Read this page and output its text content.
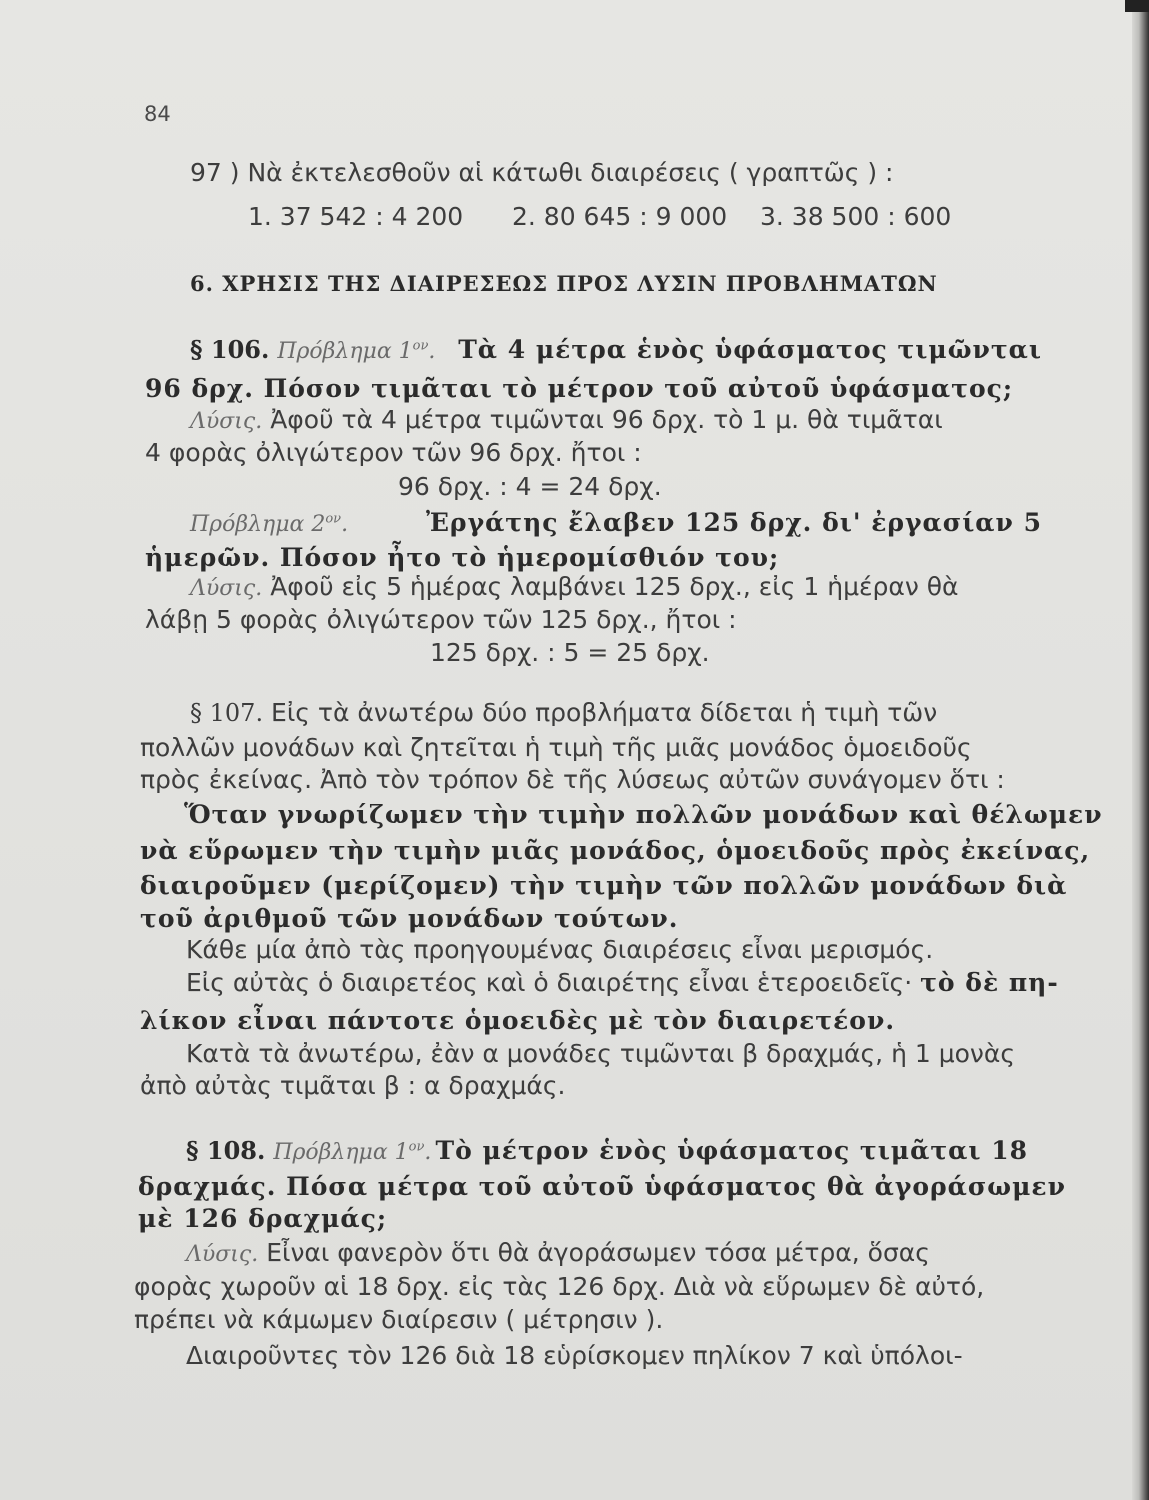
84
97 ) Νὰ ἐκτελεσθοῦν αἱ κάτωθι διαιρέσεις ( γραπτῶς ) :
1. 37 542 : 4 200 2. 80 645 : 9 000 3. 38 500 : 600
6. ΧΡΗΣΙΣ ΤΗΣ ΔΙΑΙΡΕΣΕΩΣ ΠΡΟΣ ΛΥΣΙΝ ΠΡΟΒΛΗΜΑΤΩΝ
§ 106. Πρόβλημα $1^{o\nu}$. Τὰ 4 μέτρα ἑνὸς ὑφάσματος τιμῶνται
96 δρχ. Πόσον τιμᾶται τὸ μέτρον τοῦ αὐτοῦ ὑφάσματος;
Λύσις. Ἀφοῦ τὰ 4 μέτρα τιμῶνται 96 δρχ. τὸ 1 μ. θὰ τιμᾶται
4 φορὰς ὀλιγώτερον τῶν 96 δρχ. ἤτοι :
96 δρχ. : 4 = 24 δρχ.
Πρόβλημα $2^{o\nu}$.	Ἐργάτης ἔλαβεν 125 δρχ. δι' ἐργασίαν 5
ἡμερῶν. Πόσον ἦτο τὸ ἡμερομίσθιόν του;
Λύσις. Ἀφοῦ εἰς 5 ἡμέρας λαμβάνει 125 δρχ., εἰς 1 ἡμέραν θὰ
λάβῃ 5 φορὰς ὀλιγώτερον τῶν 125 δρχ., ἤτοι :
125 δρχ. : 5 = 25 δρχ.
§ 107. Εἰς τὰ ἀνωτέρω δύο προβλήματα δίδεται ἡ τιμὴ τῶν
πολλῶν μονάδων καὶ ζητεῖται ἡ τιμὴ τῆς μιᾶς μονάδος ὁμοειδοῦς
πρὸς ἐκείνας. Ἀπὸ τὸν τρόπον δὲ τῆς λύσεως αὐτῶν συνάγομεν ὅτι :
Ὅταν γνωρίζωμεν τὴν τιμὴν πολλῶν μονάδων καὶ θέλωμεν
νὰ εὕρωμεν τὴν τιμὴν μιᾶς μονάδος, ὁμοειδοῦς πρὸς ἐκείνας,
διαιροῦμεν (μερίζομεν) τὴν τιμὴν τῶν πολλῶν μονάδων διὰ
τοῦ ἀριθμοῦ τῶν μονάδων τούτων.
Κάθε μία ἀπὸ τὰς προηγουμένας διαιρέσεις εἶναι μερισμός.
Εἰς αὐτὰς ὁ διαιρετέος καὶ ὁ διαιρέτης εἶναι ἑτεροειδεῖς· τὸ δὲ πη-
λίκον εἶναι πάντοτε ὁμοειδὲς μὲ τὸν διαιρετέον.
Κατὰ τὰ ἀνωτέρω, ἐὰν α μονάδες τιμῶνται β δραχμάς, ἡ 1 μονὰς
ἀπὸ αὐτὰς τιμᾶται β : α δραχμάς.
§ 108. Πρόβλημα $1^{o\nu}$. Τὸ μέτρον ἑνὸς ὑφάσματος τιμᾶται 18
δραχμάς. Πόσα μέτρα τοῦ αὐτοῦ ὑφάσματος θὰ ἀγοράσωμεν
μὲ 126 δραχμάς;
Λύσις. Εἶναι φανερὸν ὅτι θὰ ἀγοράσωμεν τόσα μέτρα, ὅσας
φορὰς χωροῦν αἱ 18 δρχ. εἰς τὰς 126 δρχ. Διὰ νὰ εὕρωμεν δὲ αὐτό,
πρέπει νὰ κάμωμεν διαίρεσιν ( μέτρησιν ).
Διαιροῦντες τὸν 126 διὰ 18 εὑρίσκομεν πηλίκον 7 καὶ ὑπόλοι-
